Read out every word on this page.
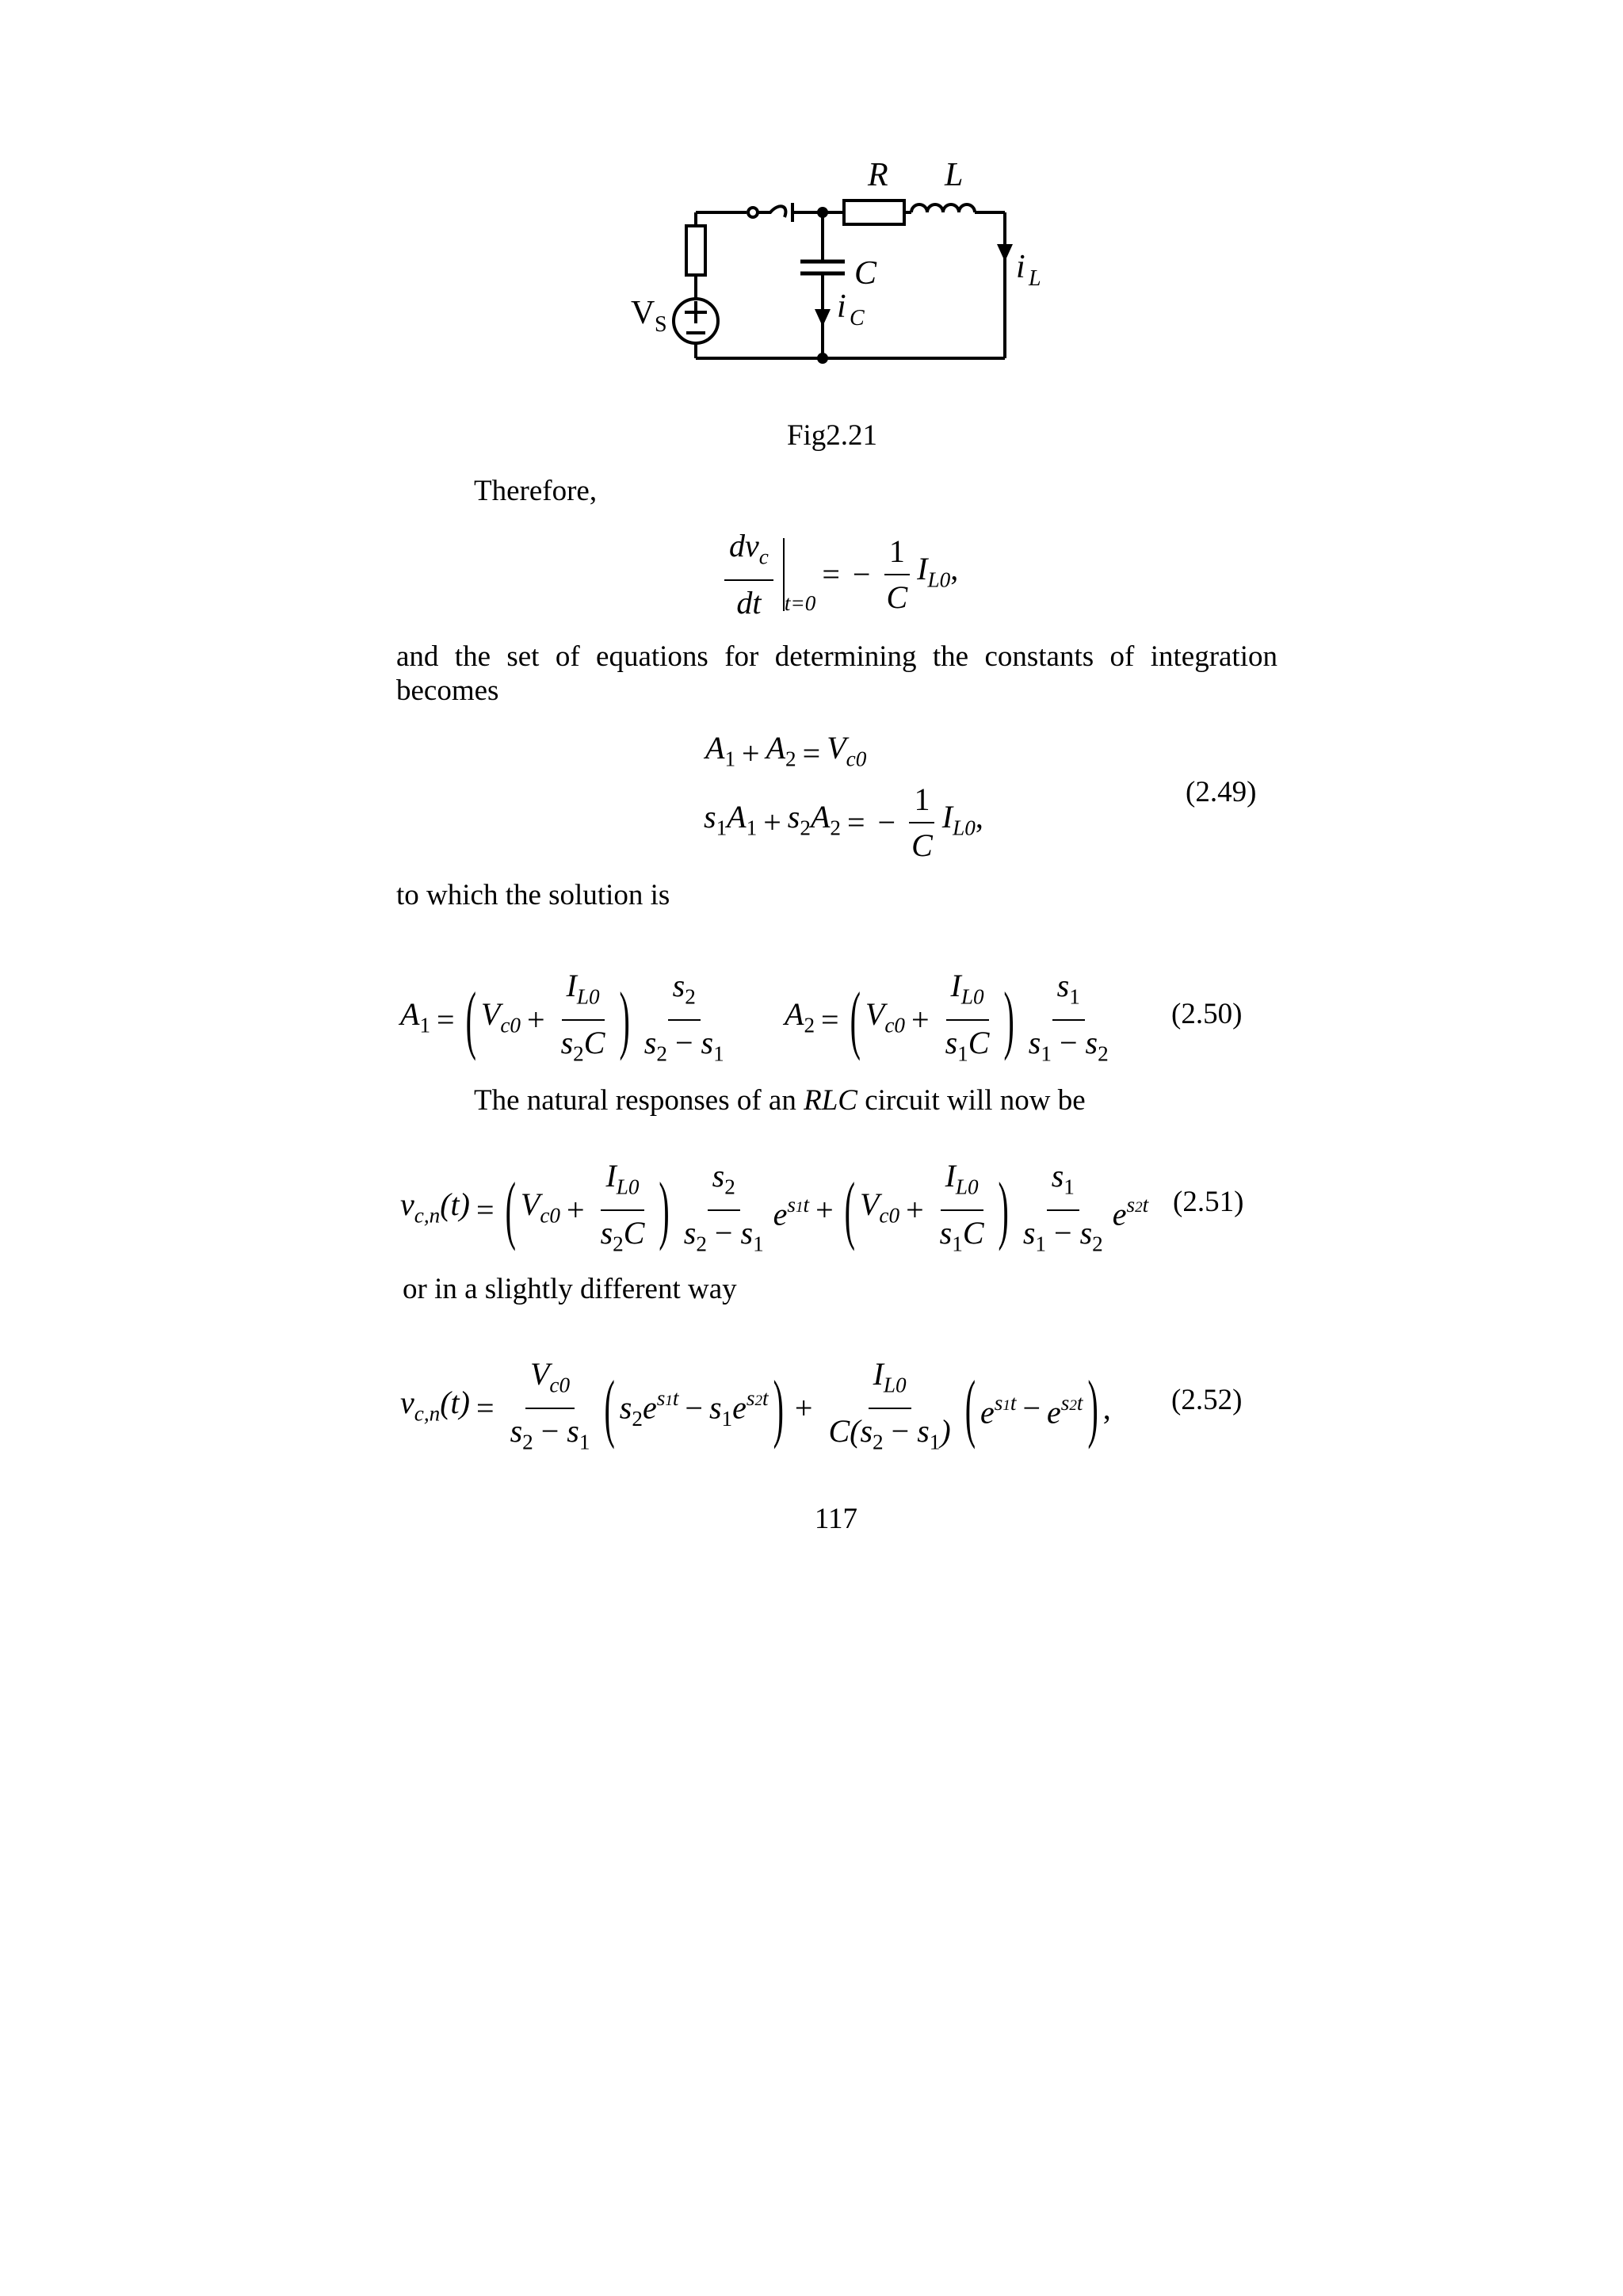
R L
C
i C
i L
V S
Fig2.21
Therefore,
$\frac{dv_c}{dt} t=0$
= − $\frac{1}{C} I_{L0}$,
and the set of equations for determining the constants of integration
becomes
$A_1 + A_2 = V_{c0}$
$s_1A_1 + s_2A_2$ = − $\frac{1}{C} I_{L0}$,
(2.49)
to which the solution is
$A_1$ = ( $V_{c0} + \frac{I_{L0}}{s_2C}$ ) $\frac{s_2}{s_2 - s_1} A_2$ = ( $V_{c0} + \frac{I_{L0}}{s_1C}$ ) $\frac{s_1}{s_1 - s_2} (2.50)$
The natural responses of an RLC circuit will now be
$v_{c,n}(t)$ = ( $V_{c0} + \frac{I_{L0}}{s_2C}$ ) $\frac{s_2}{s_2 - s_1} e^{s1t}$ + ( $V_{c0} + \frac{I_{L0}}{s_1C}$ ) $\frac{s_1}{s_1 - s_2} e^{s2t}$ (2.51)
or in a slightly different way
$v_{c,n}(t) = \frac{V_{c0}}{s_2 - s_1}$ ( $s_2e^{s1t} - s_1e^{s2t}$ ) + $\frac{I_{L0}}{C(s_2 - s_1)}$ ( $e^{s1t} - e^{s2t}$ ) , (2.52)
117
